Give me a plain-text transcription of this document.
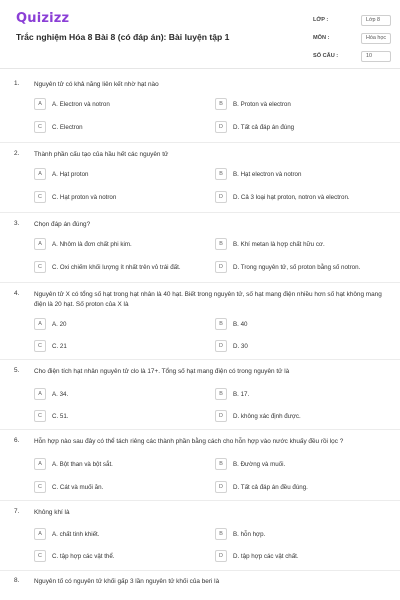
Quizizz
Trắc nghiệm Hóa 8 Bài 8 (có đáp án): Bài luyện tập 1
LỚP :	Lớp 8
MÔN :	Hóa học
SỐ CÂU :	10
1. Nguyên tử có khả năng liên kết nhờ hạt nào
A	A. Electron và notron	B	B. Proton và electron
C	C. Electron	D	D. Tất cả đáp án đúng
2. Thành phần cấu tạo của hầu hết các nguyên tử
A	A. Hạt proton	B	B. Hạt electron và notron
C	C. Hạt proton và notron	D	D. Cả 3 loại hạt proton, notron và electron.
3. Chọn đáp án đúng?
A	A. Nhôm là đơn chất phi kim.	B	B. Khí metan là hợp chất hữu cơ.
C	C. Oxi chiếm khối lượng ít nhất trên vỏ trái đất.	D	D. Trong nguyên tử, số proton bằng số notron.
4. Nguyên tử X có tổng số hạt trong hạt nhân là 40 hạt. Biết trong nguyên tử, số hạt mang điện nhiều hơn số hạt không mang điện là 20 hạt. Số proton của X là
A	A. 20	B	B. 40
C	C. 21	D	D. 30
5. Cho điện tích hạt nhân nguyên tử clo là 17+. Tổng số hạt mang điện có trong nguyên tử là
A	A. 34.	B	B. 17.
C	C. 51.	D	D. không xác định được.
6. Hỗn hợp nào sau đây có thể tách riêng các thành phần bằng cách cho hỗn hợp vào nước khuấy đều rồi lọc ?
A	A. Bột than và bột sắt.	B	B. Đường và muối.
C	C. Cát và muối ăn.	D	D. Tất cả đáp án đều đúng.
7. Không khí là
A	A. chất tinh khiết.	B	B. hỗn hợp.
C	C. tập hợp các vật thể.	D	D. tập hợp các vật chất.
8. Nguyên tố có nguyên tử khối gấp 3 lần nguyên tử khối của beri là
